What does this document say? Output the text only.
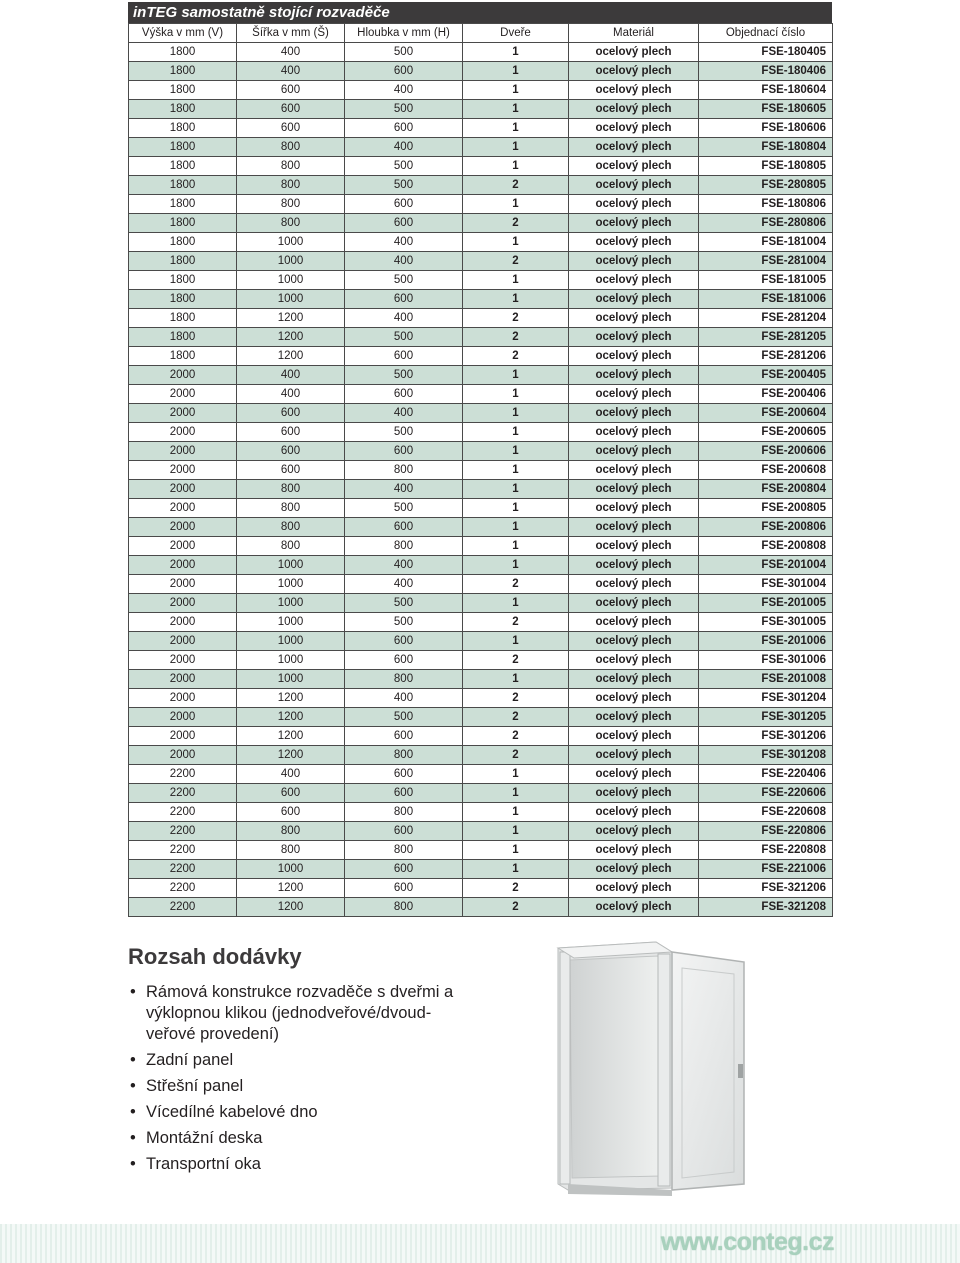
inTEG samostatně stojící rozvaděče
Výška v mm (V)	Šířka v mm (Š)	Hloubka v mm (H)	Dveře	Materiál	Objednací číslo
1800	400	500	1	ocelový plech	FSE-180405
1800	400	600	1	ocelový plech	FSE-180406
1800	600	400	1	ocelový plech	FSE-180604
1800	600	500	1	ocelový plech	FSE-180605
1800	600	600	1	ocelový plech	FSE-180606
1800	800	400	1	ocelový plech	FSE-180804
1800	800	500	1	ocelový plech	FSE-180805
1800	800	500	2	ocelový plech	FSE-280805
1800	800	600	1	ocelový plech	FSE-180806
1800	800	600	2	ocelový plech	FSE-280806
1800	1000	400	1	ocelový plech	FSE-181004
1800	1000	400	2	ocelový plech	FSE-281004
1800	1000	500	1	ocelový plech	FSE-181005
1800	1000	600	1	ocelový plech	FSE-181006
1800	1200	400	2	ocelový plech	FSE-281204
1800	1200	500	2	ocelový plech	FSE-281205
1800	1200	600	2	ocelový plech	FSE-281206
2000	400	500	1	ocelový plech	FSE-200405
2000	400	600	1	ocelový plech	FSE-200406
2000	600	400	1	ocelový plech	FSE-200604
2000	600	500	1	ocelový plech	FSE-200605
2000	600	600	1	ocelový plech	FSE-200606
2000	600	800	1	ocelový plech	FSE-200608
2000	800	400	1	ocelový plech	FSE-200804
2000	800	500	1	ocelový plech	FSE-200805
2000	800	600	1	ocelový plech	FSE-200806
2000	800	800	1	ocelový plech	FSE-200808
2000	1000	400	1	ocelový plech	FSE-201004
2000	1000	400	2	ocelový plech	FSE-301004
2000	1000	500	1	ocelový plech	FSE-201005
2000	1000	500	2	ocelový plech	FSE-301005
2000	1000	600	1	ocelový plech	FSE-201006
2000	1000	600	2	ocelový plech	FSE-301006
2000	1000	800	1	ocelový plech	FSE-201008
2000	1200	400	2	ocelový plech	FSE-301204
2000	1200	500	2	ocelový plech	FSE-301205
2000	1200	600	2	ocelový plech	FSE-301206
2000	1200	800	2	ocelový plech	FSE-301208
2200	400	600	1	ocelový plech	FSE-220406
2200	600	600	1	ocelový plech	FSE-220606
2200	600	800	1	ocelový plech	FSE-220608
2200	800	600	1	ocelový plech	FSE-220806
2200	800	800	1	ocelový plech	FSE-220808
2200	1000	600	1	ocelový plech	FSE-221006
2200	1200	600	2	ocelový plech	FSE-321206
2200	1200	800	2	ocelový plech	FSE-321208
Rozsah dodávky
• Rámová konstrukce rozvaděče s dveřmi a výklopnou klikou (jednodveřové/dvoud- veřové provedení)
• Zadní panel
• Střešní panel
• Vícedílné kabelové dno
• Montážní deska
• Transportní oka
www.conteg.cz
